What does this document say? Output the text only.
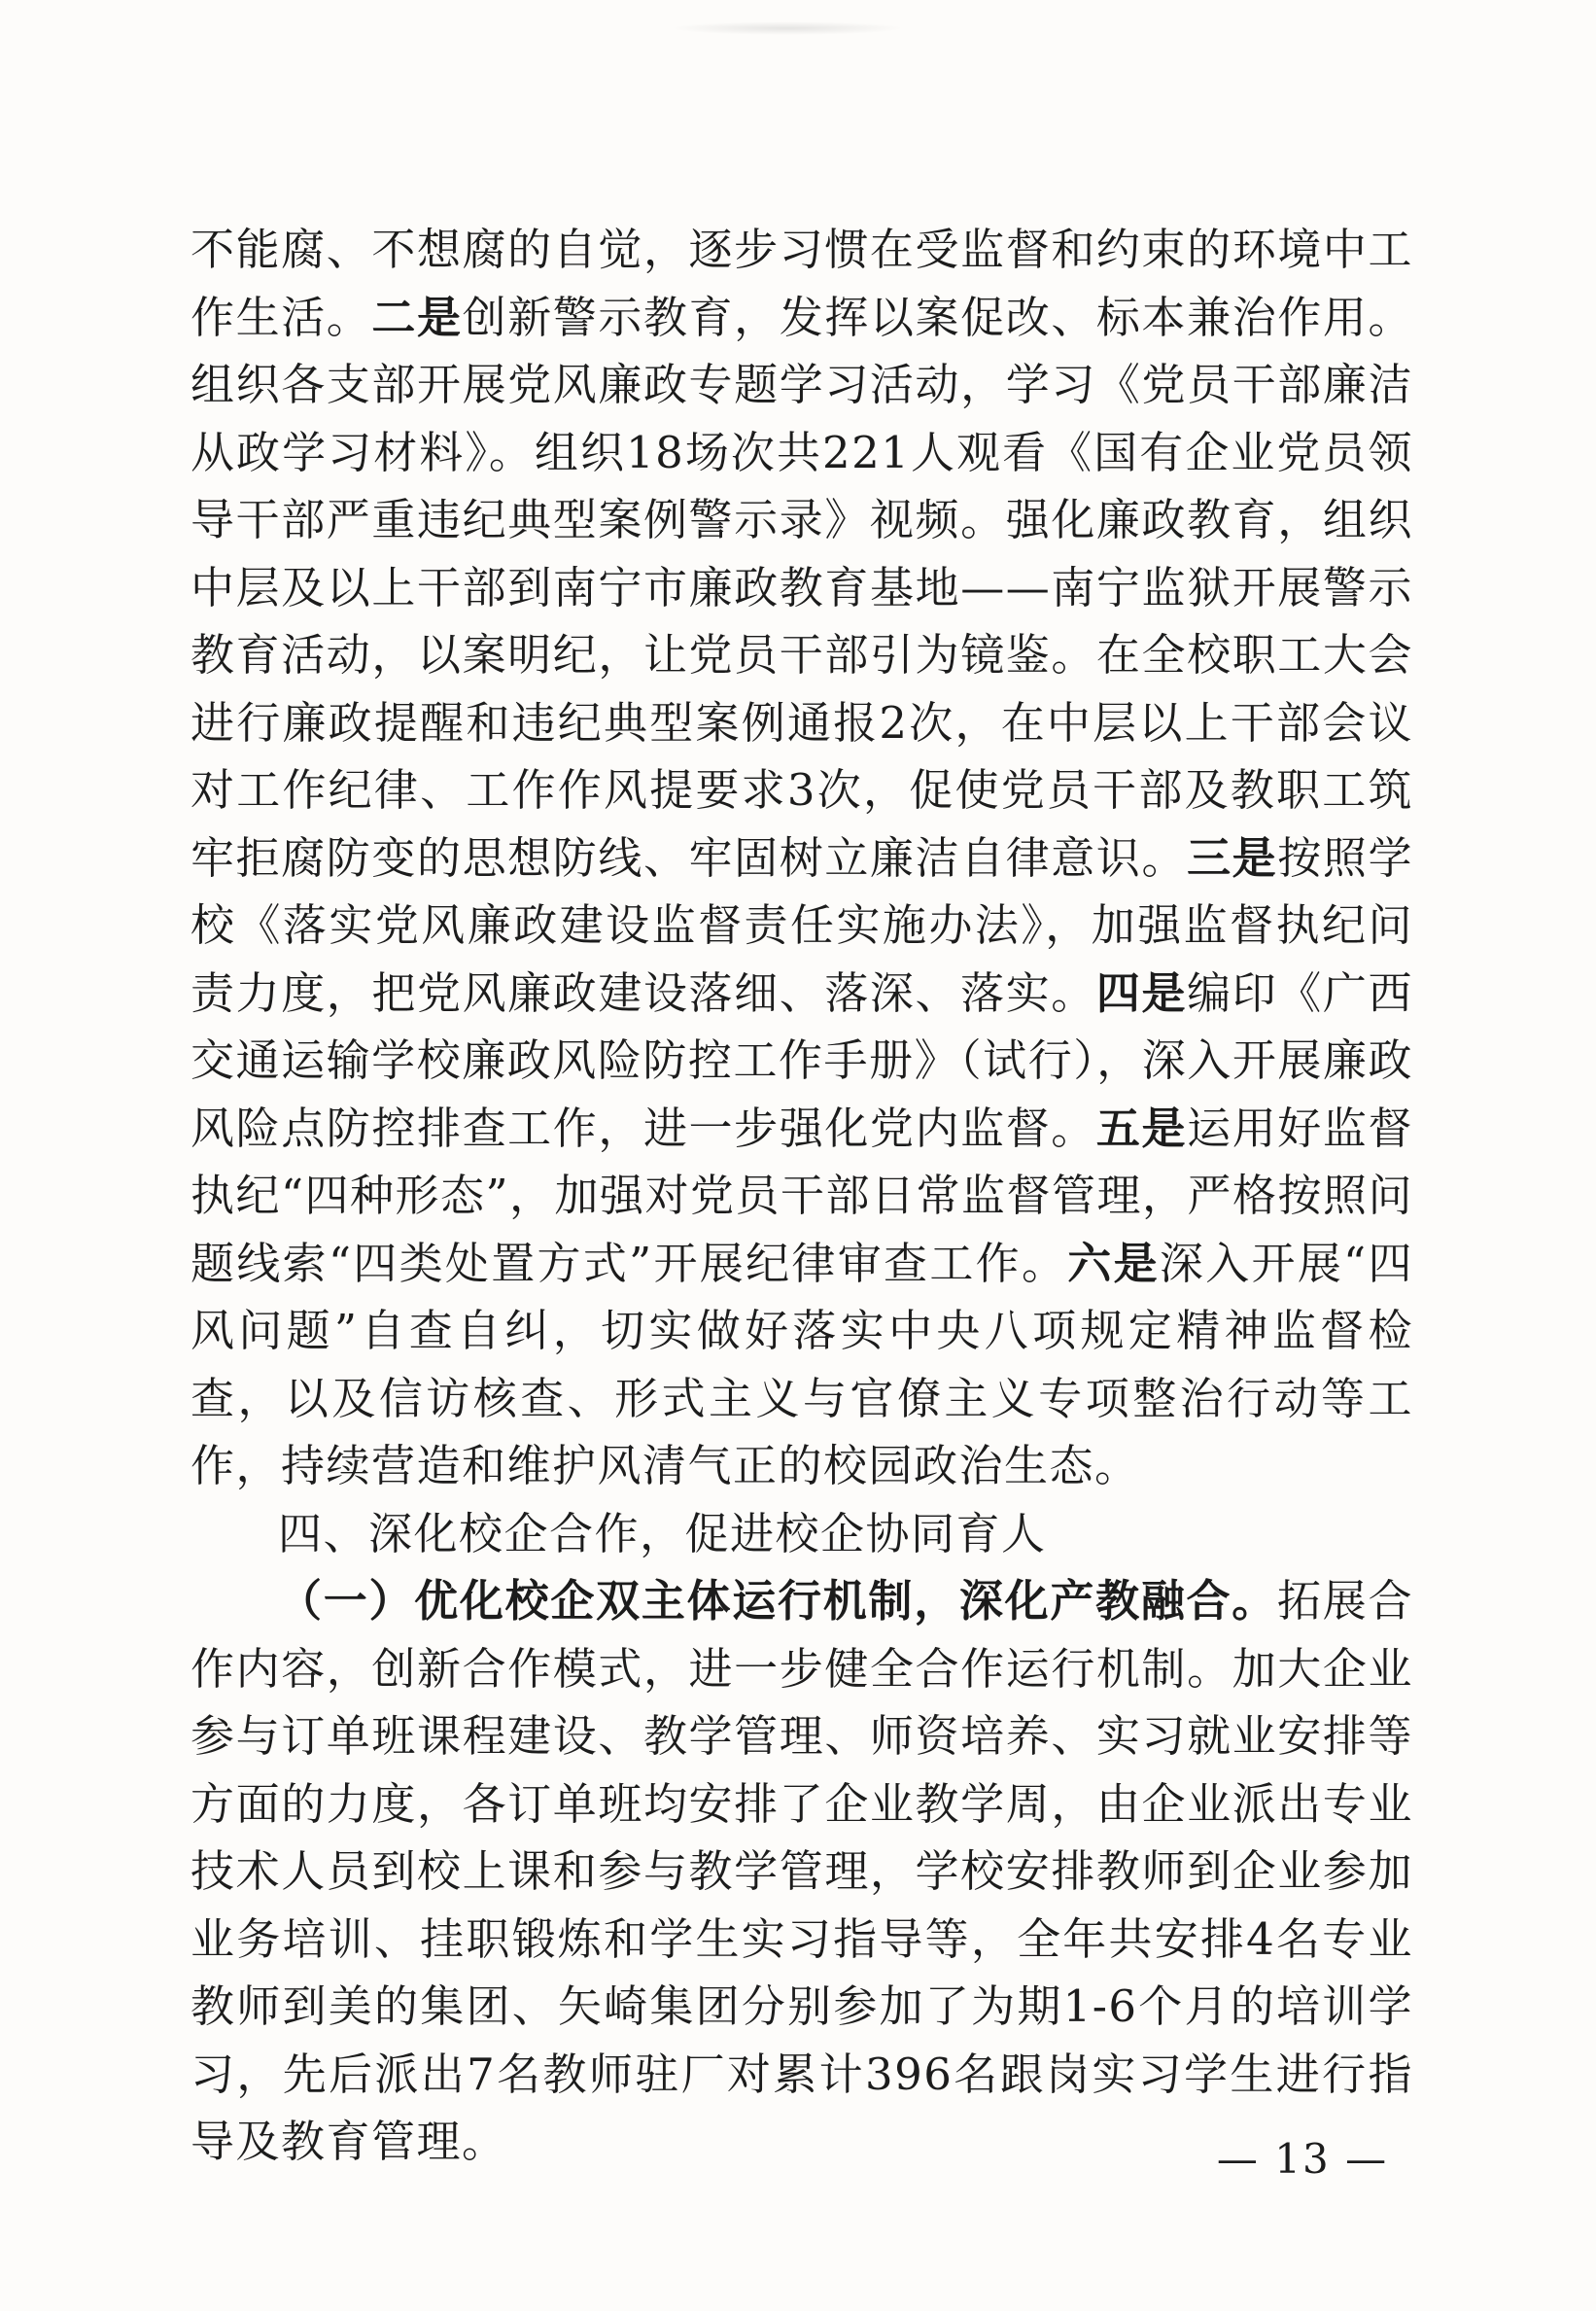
不能腐、不想腐的自觉，逐步习惯在受监督和约束的环境中工作生活。二是创新警示教育，发挥以案促改、标本兼治作用。组织各支部开展党风廉政专题学习活动，学习《党员干部廉洁从政学习材料》。组织18场次共221人观看《国有企业党员领导干部严重违纪典型案例警示录》视频。强化廉政教育，组织中层及以上干部到南宁市廉政教育基地——南宁监狱开展警示教育活动，以案明纪，让党员干部引为镜鉴。在全校职工大会进行廉政提醒和违纪典型案例通报2次，在中层以上干部会议对工作纪律、工作作风提要求3次，促使党员干部及教职工筑牢拒腐防变的思想防线、牢固树立廉洁自律意识。三是按照学校《落实党风廉政建设监督责任实施办法》，加强监督执纪问责力度，把党风廉政建设落细、落深、落实。四是编印《广西交通运输学校廉政风险防控工作手册》（试行），深入开展廉政风险点防控排查工作，进一步强化党内监督。五是运用好监督执纪“四种形态”，加强对党员干部日常监督管理，严格按照问题线索“四类处置方式”开展纪律审查工作。六是深入开展“四风问题”自查自纠，切实做好落实中央八项规定精神监督检查，以及信访核查、形式主义与官僚主义专项整治行动等工作，持续营造和维护风清气正的校园政治生态。

四、深化校企合作，促进校企协同育人

（一）优化校企双主体运行机制，深化产教融合。拓展合作内容，创新合作模式，进一步健全合作运行机制。加大企业参与订单班课程建设、教学管理、师资培养、实习就业安排等方面的力度，各订单班均安排了企业教学周，由企业派出专业技术人员到校上课和参与教学管理，学校安排教师到企业参加业务培训、挂职锻炼和学生实习指导等，全年共安排4名专业教师到美的集团、矢崎集团分别参加了为期1-6个月的培训学习，先后派出7名教师驻厂对累计396名跟岗实习学生进行指导及教育管理。	— 13 —
